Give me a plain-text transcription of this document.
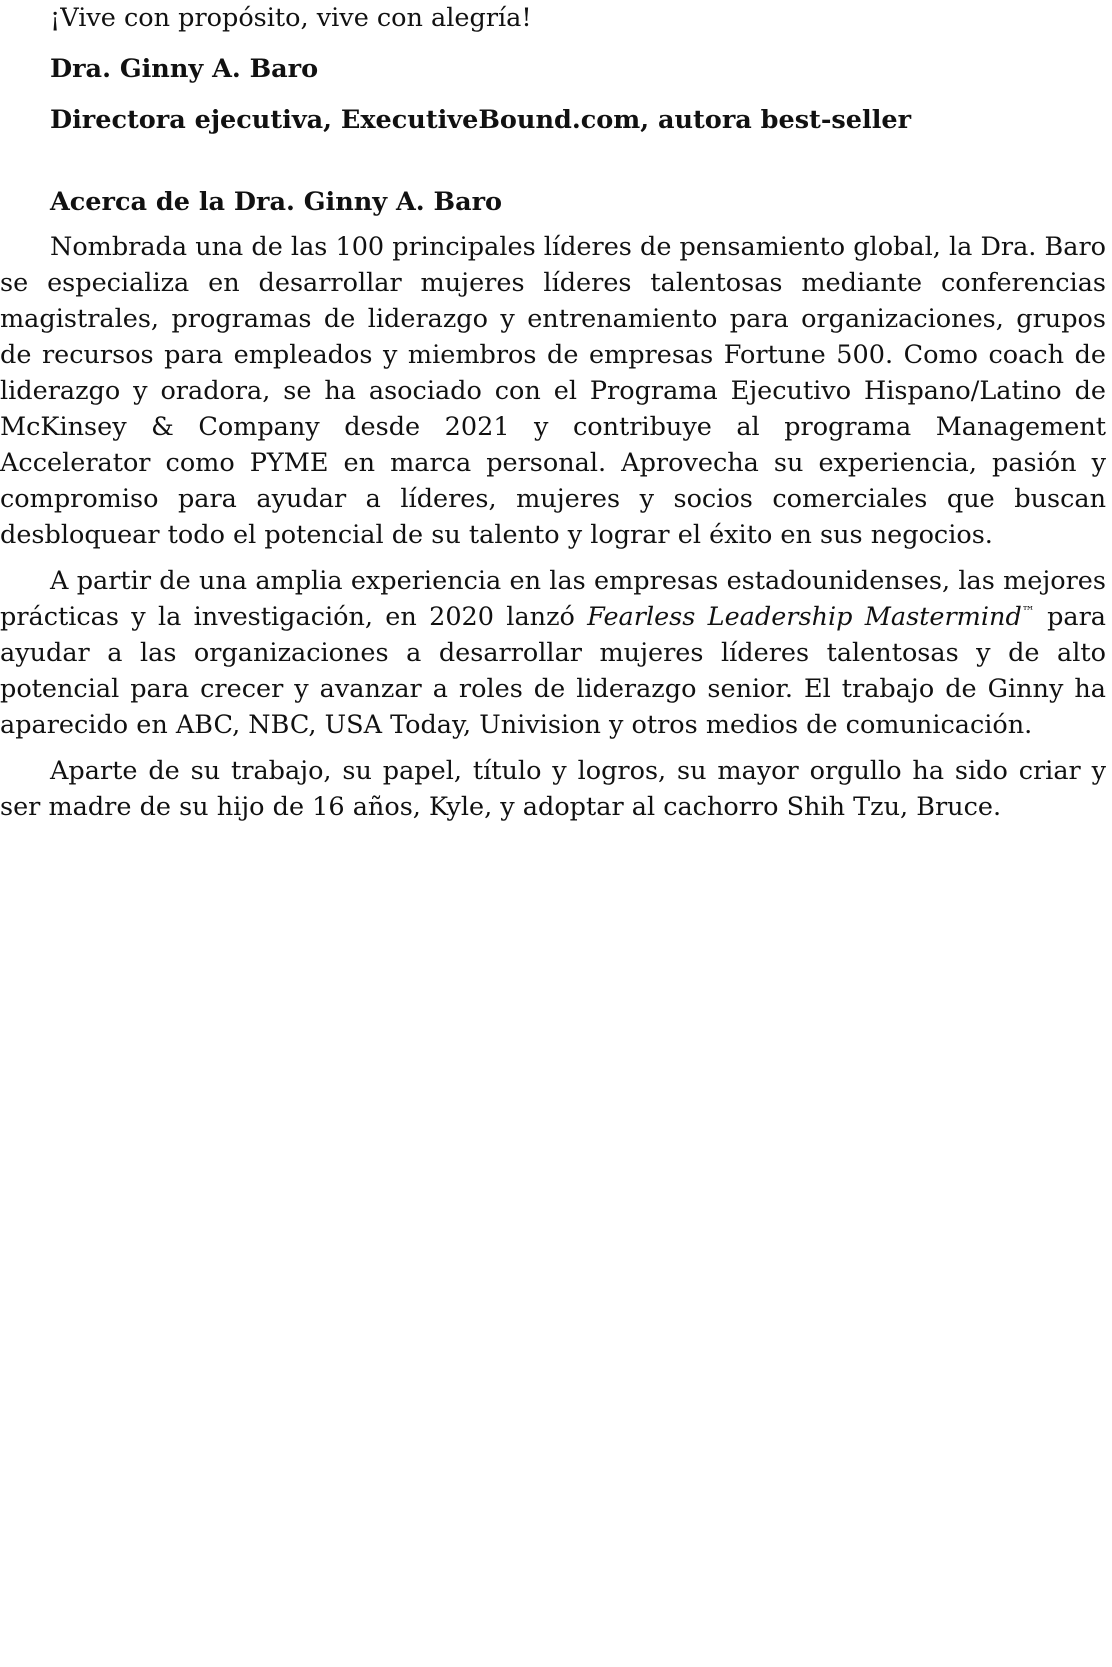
¡Vive con propósito, vive con alegría!

Dra. Ginny A. Baro

Directora ejecutiva, ExecutiveBound.com, autora best-seller

Acerca de la Dra. Ginny A. Baro

Nombrada una de las 100 principales líderes de pensamiento global, la Dra. Baro se especializa en desarrollar mujeres líderes talentosas mediante conferencias magistrales, programas de liderazgo y entrenamiento para organizaciones, grupos de recursos para empleados y miembros de empresas Fortune 500. Como coach de liderazgo y oradora, se ha asociado con el Programa Ejecutivo Hispano/Latino de McKinsey & Company desde 2021 y contribuye al programa Management Accelerator como PYME en marca personal. Aprovecha su experiencia, pasión y compromiso para ayudar a líderes, mujeres y socios comerciales que buscan desbloquear todo el potencial de su talento y lograr el éxito en sus negocios.

A partir de una amplia experiencia en las empresas estadounidenses, las mejores prácticas y la investigación, en 2020 lanzó Fearless Leadership Mastermind™ para ayudar a las organizaciones a desarrollar mujeres líderes talentosas y de alto potencial para crecer y avanzar a roles de liderazgo senior. El trabajo de Ginny ha aparecido en ABC, NBC, USA Today, Univision y otros medios de comunicación.

Aparte de su trabajo, su papel, título y logros, su mayor orgullo ha sido criar y ser madre de su hijo de 16 años, Kyle, y adoptar al cachorro Shih Tzu, Bruce.
